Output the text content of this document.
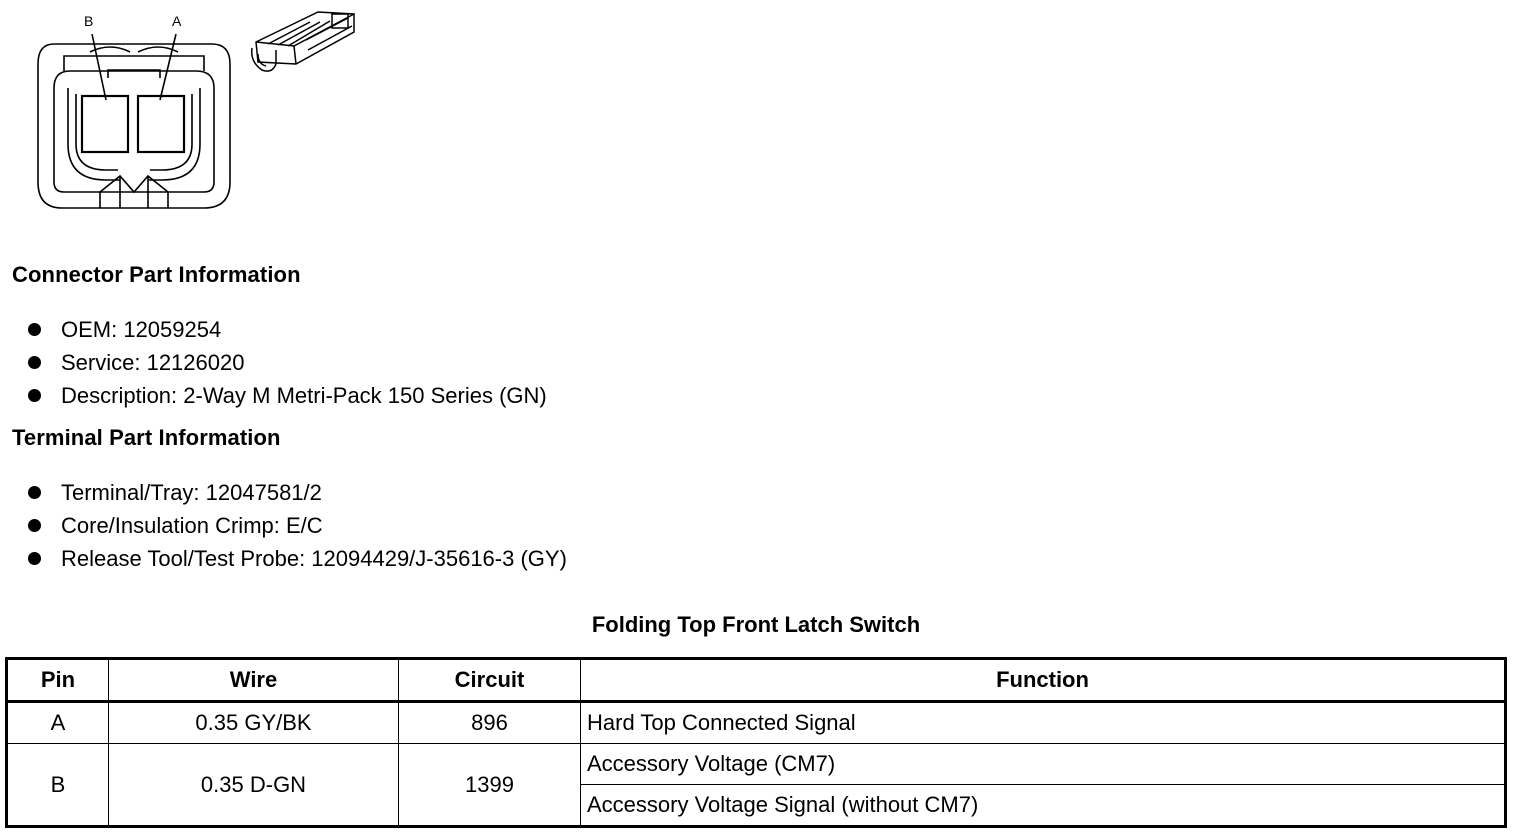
B	A
Connector Part Information
OEM: 12059254
Service: 12126020
Description: 2-Way M Metri-Pack 150 Series (GN)
Terminal Part Information
Terminal/Tray: 12047581/2
Core/Insulation Crimp: E/C
Release Tool/Test Probe: 12094429/J-35616-3 (GY)
Folding Top Front Latch Switch
Pin	Wire	Circuit	Function
A	0.35 GY/BK	896	Hard Top Connected Signal
B	0.35 D-GN	1399	Accessory Voltage (CM7)
			Accessory Voltage Signal (without CM7)
